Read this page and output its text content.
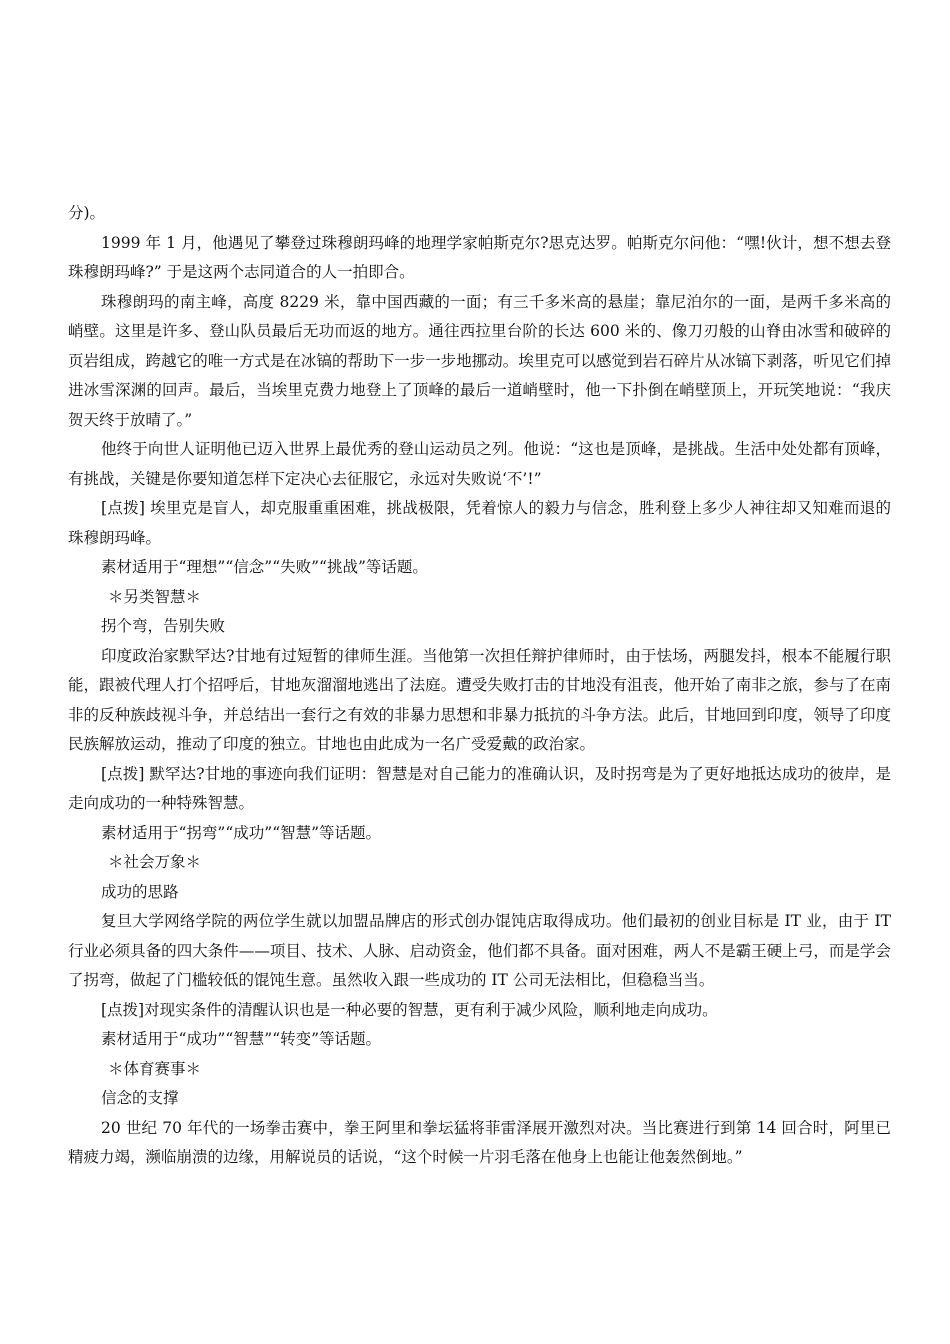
分)。

1999 年 1 月，他遇见了攀登过珠穆朗玛峰的地理学家帕斯克尔?思克达罗。帕斯克尔问他：“嘿!伙计，想不想去登珠穆朗玛峰?” 于是这两个志同道合的人一拍即合。

珠穆朗玛的南主峰，高度 8229 米，靠中国西藏的一面；有三千多米高的悬崖；靠尼泊尔的一面，是两千多米高的峭壁。这里是许多、登山队员最后无功而返的地方。通往西拉里台阶的长达 600 米的、像刀刃般的山脊由冰雪和破碎的页岩组成，跨越它的唯一方式是在冰镐的帮助下一步一步地挪动。埃里克可以感觉到岩石碎片从冰镐下剥落，听见它们掉进冰雪深渊的回声。最后，当埃里克费力地登上了顶峰的最后一道峭壁时，他一下扑倒在峭壁顶上，开玩笑地说：“我庆贺天终于放晴了。”

他终于向世人证明他已迈入世界上最优秀的登山运动员之列。他说：“这也是顶峰，是挑战。生活中处处都有顶峰，有挑战，关键是你要知道怎样下定决心去征服它，永远对失败说‘不’!”

[点拨] 埃里克是盲人，却克服重重困难，挑战极限，凭着惊人的毅力与信念，胜利登上多少人神往却又知难而退的珠穆朗玛峰。

素材适用于“理想”“信念”“失败”“挑战”等话题。

＊另类智慧＊

拐个弯，告别失败

印度政治家默罕达?甘地有过短暂的律师生涯。当他第一次担任辩护律师时，由于怯场，两腿发抖，根本不能履行职能，跟被代理人打个招呼后，甘地灰溜溜地逃出了法庭。遭受失败打击的甘地没有沮丧，他开始了南非之旅，参与了在南非的反种族歧视斗争，并总结出一套行之有效的非暴力思想和非暴力抵抗的斗争方法。此后，甘地回到印度，领导了印度民族解放运动，推动了印度的独立。甘地也由此成为一名广受爱戴的政治家。

[点拨] 默罕达?甘地的事迹向我们证明：智慧是对自己能力的准确认识，及时拐弯是为了更好地抵达成功的彼岸，是走向成功的一种特殊智慧。

素材适用于“拐弯”“成功”“智慧”等话题。

＊社会万象＊

成功的思路

复旦大学网络学院的两位学生就以加盟品牌店的形式创办馄饨店取得成功。他们最初的创业目标是 IT 业，由于 IT 行业必须具备的四大条件——项目、技术、人脉、启动资金，他们都不具备。面对困难，两人不是霸王硬上弓，而是学会了拐弯，做起了门槛较低的馄饨生意。虽然收入跟一些成功的 IT 公司无法相比，但稳稳当当。

[点拨]对现实条件的清醒认识也是一种必要的智慧，更有利于减少风险，顺利地走向成功。

素材适用于“成功”“智慧”“转变”等话题。

＊体育赛事＊

信念的支撑

20 世纪 70 年代的一场拳击赛中，拳王阿里和拳坛猛将菲雷泽展开激烈对决。当比赛进行到第 14 回合时，阿里已精疲力竭，濒临崩溃的边缘，用解说员的话说，“这个时候一片羽毛落在他身上也能让他轰然倒地。”
